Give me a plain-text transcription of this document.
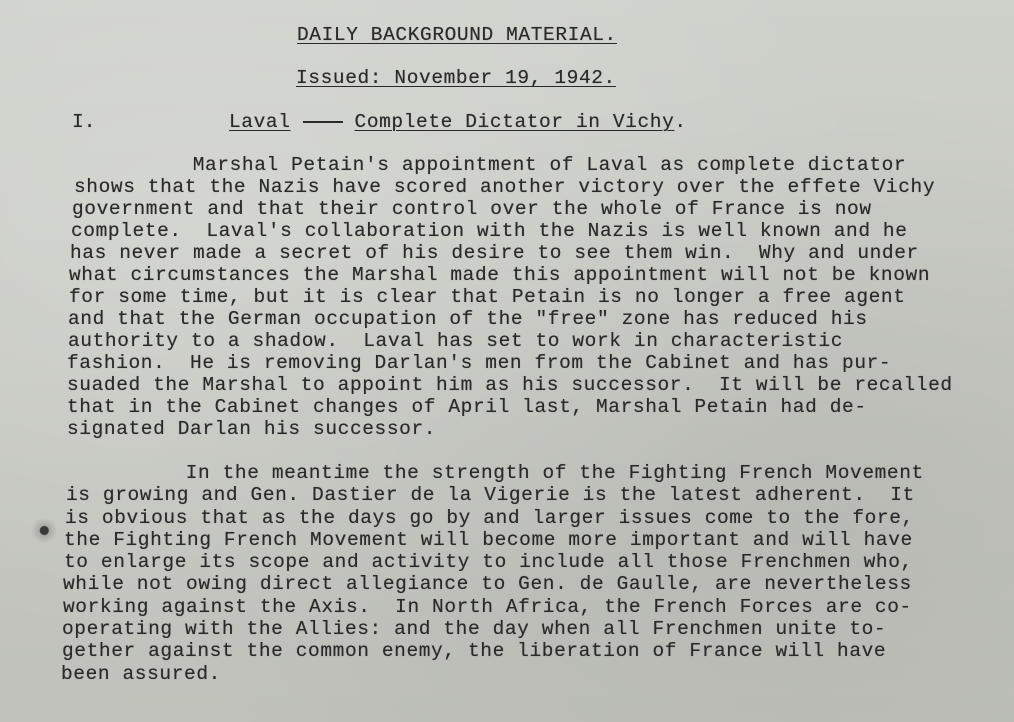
DAILY BACKGROUND MATERIAL.
Issued: November 19, 1942.
I.	Laval	Complete Dictator in Vichy.
Marshal Petain's appointment of Laval as complete dictator
shows that the Nazis have scored another victory over the effete Vichy
government and that their control over the whole of France is now
complete.  Laval's collaboration with the Nazis is well known and he
has never made a secret of his desire to see them win.  Why and under
what circumstances the Marshal made this appointment will not be known
for some time, but it is clear that Petain is no longer a free agent
and that the German occupation of the "free" zone has reduced his
authority to a shadow.  Laval has set to work in characteristic
fashion.  He is removing Darlan's men from the Cabinet and has pur-
suaded the Marshal to appoint him as his successor.  It will be recalled
that in the Cabinet changes of April last, Marshal Petain had de-
signated Darlan his successor.
In the meantime the strength of the Fighting French Movement
is growing and Gen. Dastier de la Vigerie is the latest adherent.  It
is obvious that as the days go by and larger issues come to the fore,
the Fighting French Movement will become more important and will have
to enlarge its scope and activity to include all those Frenchmen who,
while not owing direct allegiance to Gen. de Gaulle, are nevertheless
working against the Axis.  In North Africa, the French Forces are co-
operating with the Allies: and the day when all Frenchmen unite to-
gether against the common enemy, the liberation of France will have
been assured.
